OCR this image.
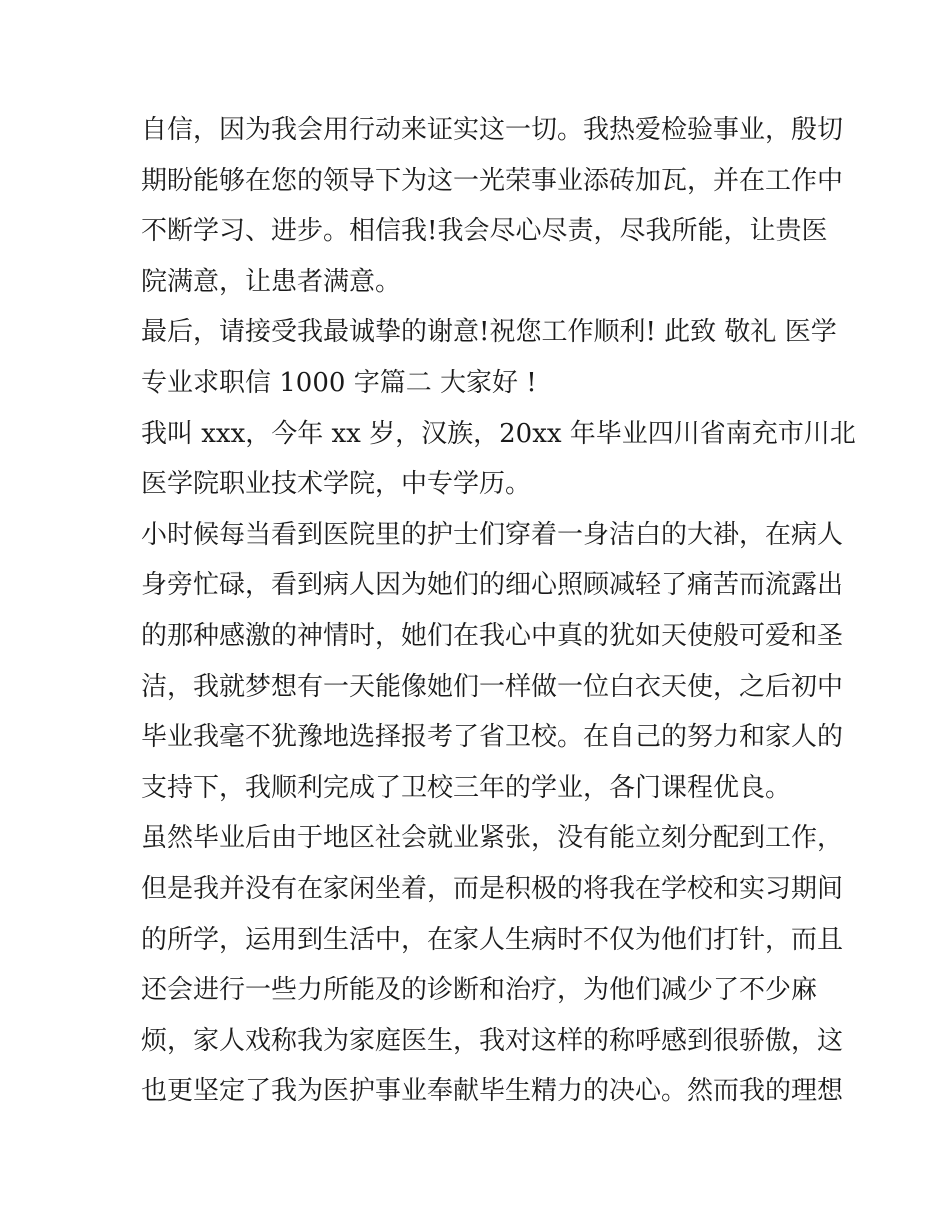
自信，因为我会用行动来证实这一切。我热爱检验事业，殷切
期盼能够在您的领导下为这一光荣事业添砖加瓦，并在工作中
不断学习、进步。相信我!我会尽心尽责，尽我所能，让贵医
院满意，让患者满意。
最后，请接受我最诚挚的谢意!祝您工作顺利! 此致 敬礼 医学
专业求职信 1000 字篇二 大家好 !
我叫 xxx，今年 xx 岁，汉族，20xx 年毕业四川省南充市川北
医学院职业技术学院，中专学历。
小时候每当看到医院里的护士们穿着一身洁白的大褂，在病人
身旁忙碌，看到病人因为她们的细心照顾减轻了痛苦而流露出
的那种感激的神情时，她们在我心中真的犹如天使般可爱和圣
洁，我就梦想有一天能像她们一样做一位白衣天使，之后初中
毕业我毫不犹豫地选择报考了省卫校。在自己的努力和家人的
支持下，我顺利完成了卫校三年的学业，各门课程优良。
虽然毕业后由于地区社会就业紧张，没有能立刻分配到工作，
但是我并没有在家闲坐着，而是积极的将我在学校和实习期间
的所学，运用到生活中，在家人生病时不仅为他们打针，而且
还会进行一些力所能及的诊断和治疗，为他们减少了不少麻
烦，家人戏称我为家庭医生，我对这样的称呼感到很骄傲，这
也更坚定了我为医护事业奉献毕生精力的决心。然而我的理想
